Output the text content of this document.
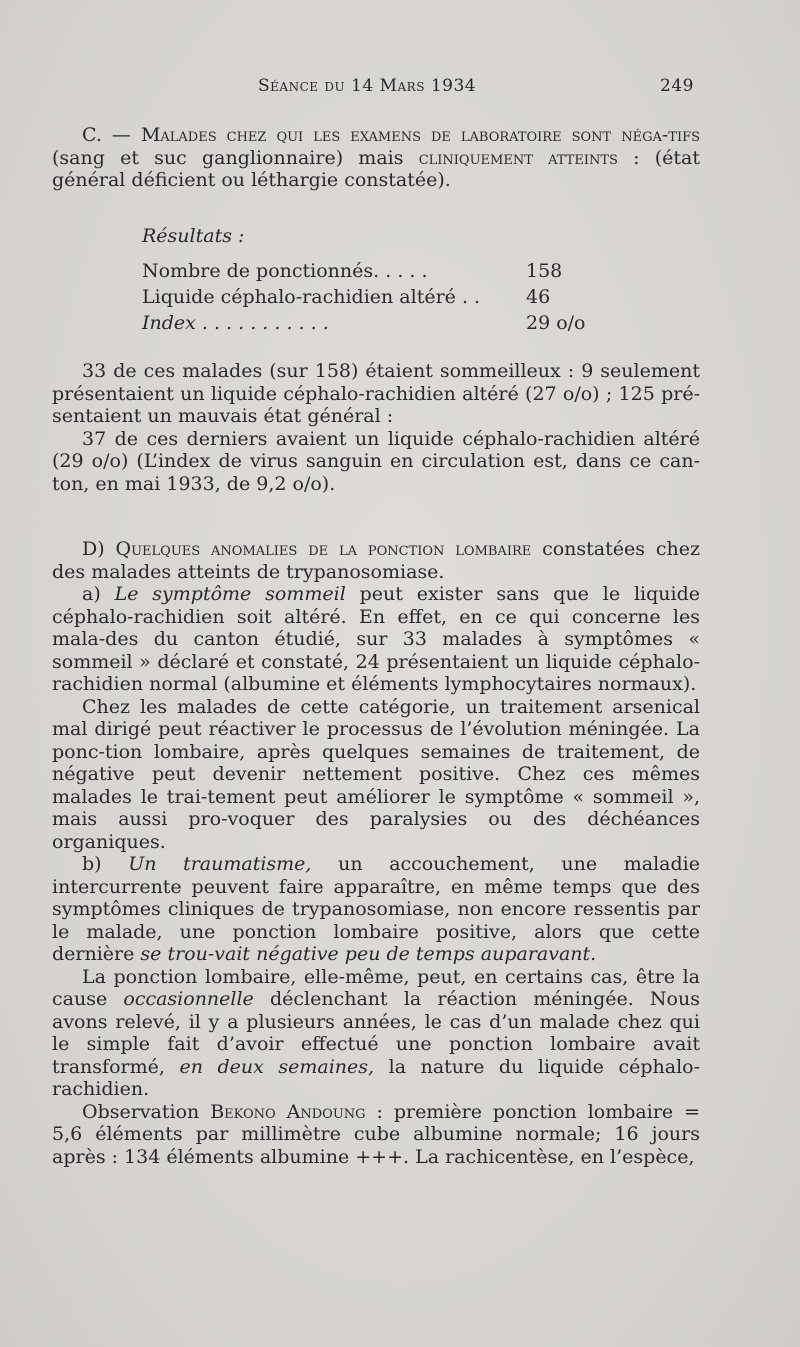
Séance du 14 Mars 1934	249

C. — Malades chez qui les examens de laboratoire sont néga-tifs (sang et suc ganglionnaire) mais cliniquement atteints : (état général déficient ou léthargie constatée).

Résultats :
Nombre de ponctionnés. . . . .	158
Liquide céphalo-rachidien altéré . . 46
Index . . . . . . . . . . .	29 o/o

33 de ces malades (sur 158) étaient sommeilleux : 9 seulement présentaient un liquide céphalo-rachidien altéré (27 o/o) ; 125 pré-sentaient un mauvais état général :

37 de ces derniers avaient un liquide céphalo-rachidien altéré (29 o/o) (L’index de virus sanguin en circulation est, dans ce can-ton, en mai 1933, de 9,2 o/o).

D) Quelques anomalies de la ponction lombaire constatées chez des malades atteints de trypanosomiase.

a) Le symptôme sommeil peut exister sans que le liquide céphalo-rachidien soit altéré. En effet, en ce qui concerne les mala-des du canton étudié, sur 33 malades à symptômes « sommeil » déclaré et constaté, 24 présentaient un liquide céphalo-rachidien normal (albumine et éléments lymphocytaires normaux).

Chez les malades de cette catégorie, un traitement arsenical mal dirigé peut réactiver le processus de l’évolution méningée. La ponc-tion lombaire, après quelques semaines de traitement, de négative peut devenir nettement positive. Chez ces mêmes malades le trai-tement peut améliorer le symptôme « sommeil », mais aussi pro-voquer des paralysies ou des déchéances organiques.

b) Un traumatisme, un accouchement, une maladie intercurrente peuvent faire apparaître, en même temps que des symptômes cliniques de trypanosomiase, non encore ressentis par le malade, une ponction lombaire positive, alors que cette dernière se trou-vait négative peu de temps auparavant.

La ponction lombaire, elle-même, peut, en certains cas, être la cause occasionnelle déclenchant la réaction méningée. Nous avons relevé, il y a plusieurs années, le cas d’un malade chez qui le simple fait d’avoir effectué une ponction lombaire avait transformé, en deux semaines, la nature du liquide céphalo-rachidien.

Observation Bekono Andoung : première ponction lombaire = 5,6 éléments par millimètre cube albumine normale; 16 jours après : 134 éléments albumine +++. La rachicentèse, en l’espèce,
